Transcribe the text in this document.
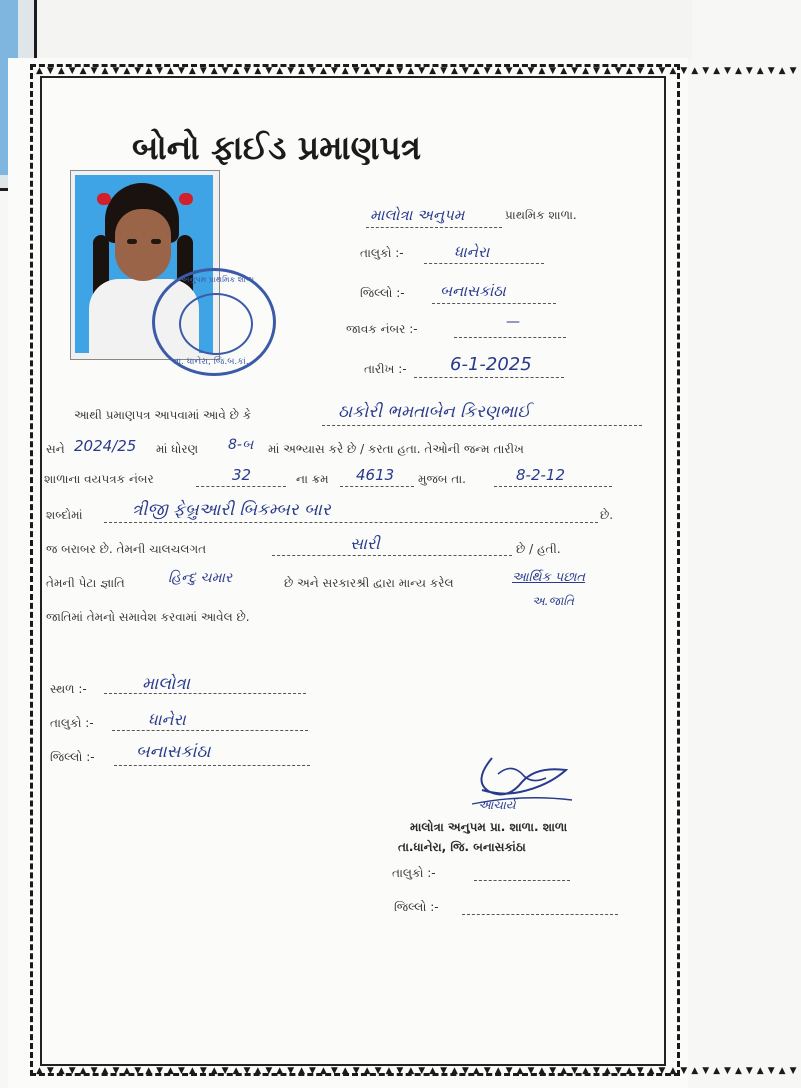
▲▼▲▼▲▼▲▼▲▼▲▼▲▼▲▼▲▼▲▼▲▼▲▼▲▼▲▼▲▼▲▼▲▼▲▼▲▼▲▼▲▼▲▼▲▼▲▼▲▼▲▼▲▼▲▼▲▼▲▼▲▼▲▼▲▼▲▼▲▼
▲▼▲▼▲▼▲▼▲▼▲▼▲▼▲▼▲▼▲▼▲▼▲▼▲▼▲▼▲▼▲▼▲▼▲▼▲▼▲▼▲▼▲▼▲▼▲▼▲▼▲▼▲▼▲▼▲▼▲▼▲▼▲▼▲▼▲▼▲▼
બોનો ફાઈડ પ્રમાણપત્ર
અનુપમ પ્રાથમિક શાળા
તા. ધાનેરા, જિ.બ.કાં.
માલોત્રા અનુપમ	પ્રાથમિક શાળા.
તાલુકો :-	ધાનેરા
જિલ્લો :- બનાસકાંઠા
જાવક નંબર :-	—
તારીખ :- 6-1-2025
આથી પ્રમાણપત્ર આપવામાં આવે છે કે	ઠાકોરી ભમતાબેન કિરણભાઈ
સને 2024/25 માં ધોરણ 8-બ માં અભ્યાસ કરે છે / કરતા હતા. તેઓની જન્મ તારીખ
શાળાના વયપત્રક નંબર	32	ના ક્રમ 4613 મુજબ તા.	8-2-12
શબ્દોમાં	ત્રીજી ફેબ્રુઆરી બિકમ્બર બાર	છે.
જ બરાબર છે. તેમની ચાલચલગત	સારી	છે / હતી.
તેમની પેટા જ્ઞાતિ	હિન્દુ ચમાર	છે અને સરકારશ્રી દ્વારા માન્ય કરેલ	આર્થિક પછાત
અ.જાતિ
જાતિમાં તેમનો સમાવેશ કરવામાં આવેલ છે.
સ્થળ :-	માલોત્રા
તાલુકો :-	ધાનેરા
જિલ્લો :- બનાસકાંઠા
આચાર્ય
માલોત્રા અનુપમ પ્રા. શાળા. શાળા
તા.ધાનેરા, જિ. બનાસકાંઠા
તાલુકો :-
જિલ્લો :-
